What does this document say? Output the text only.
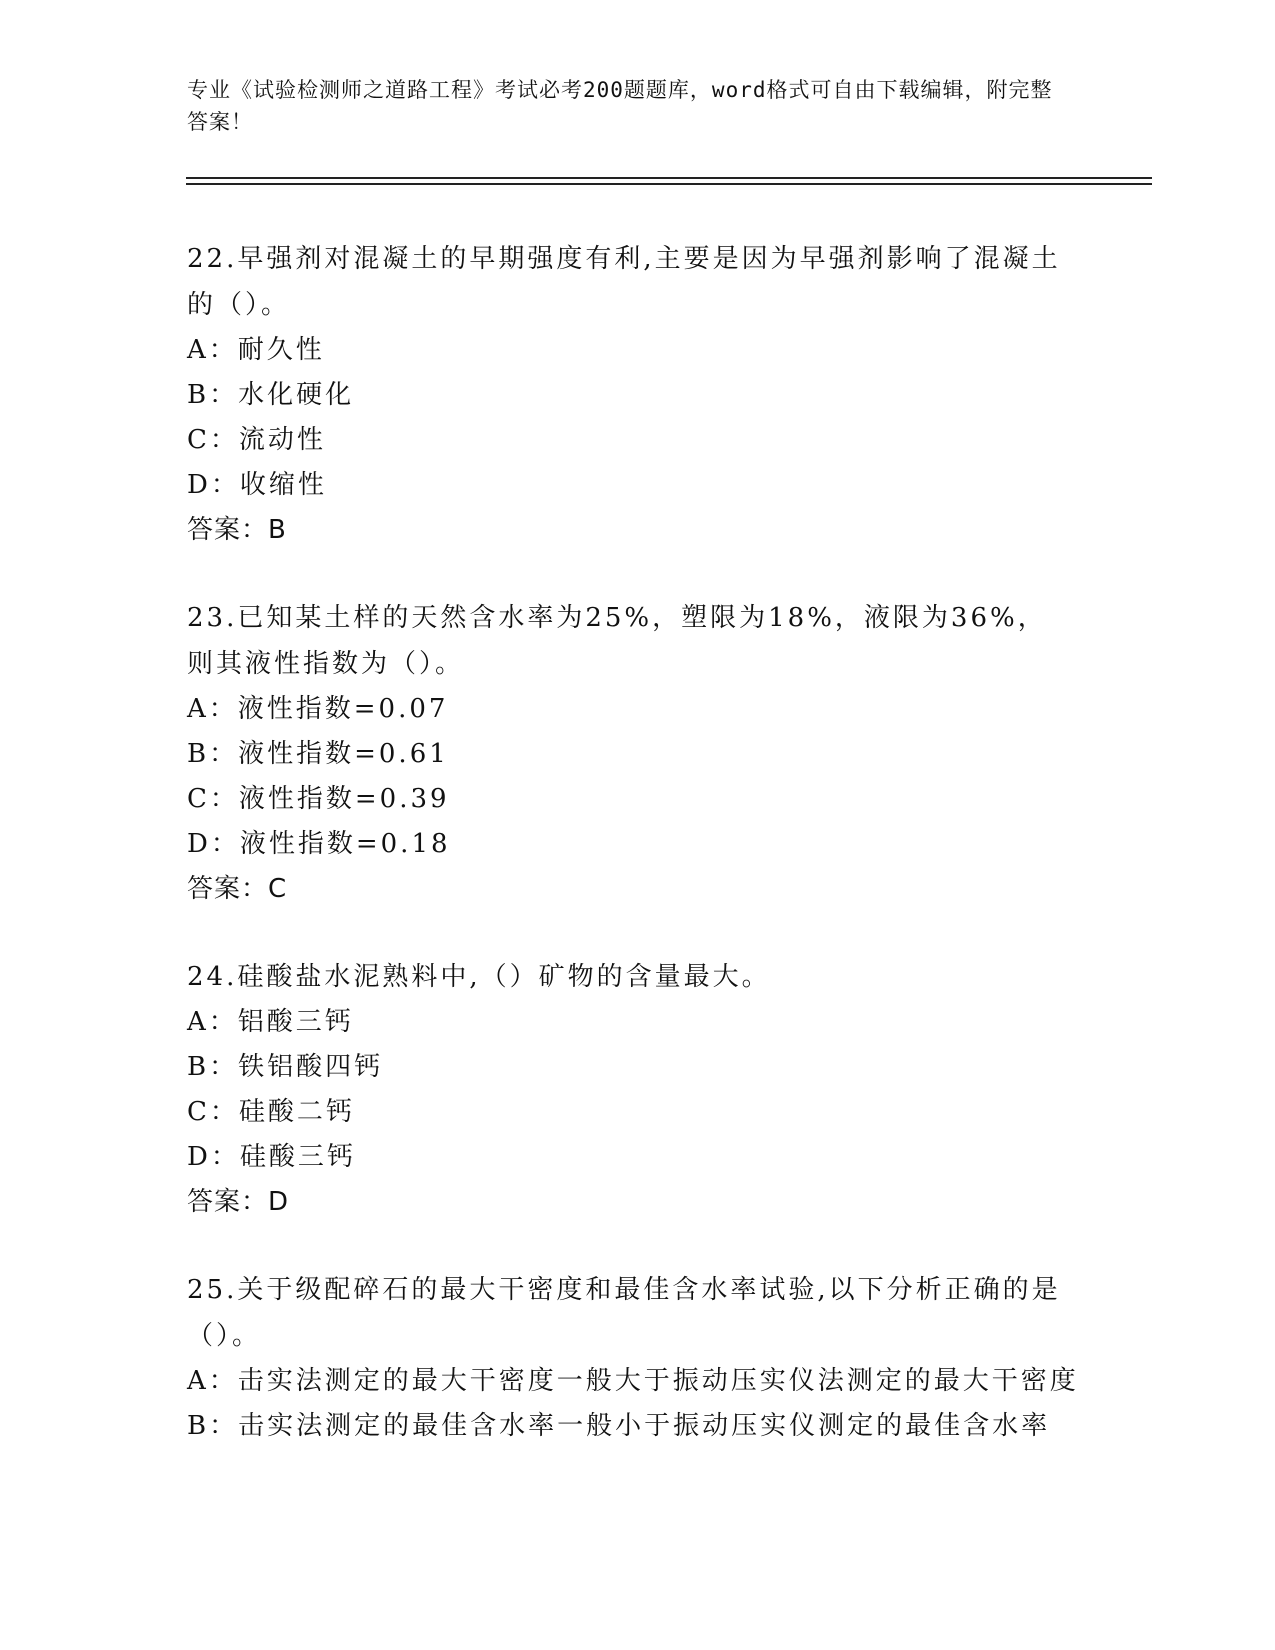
专业《试验检测师之道路工程》考试必考200题题库，word格式可自由下载编辑，附完整答案！
22.早强剂对混凝土的早期强度有利,主要是因为早强剂影响了混凝土的（）。
A：耐久性
B：水化硬化
C：流动性
D：收缩性
答案：B
23.已知某土样的天然含水率为25%，塑限为18%，液限为36%，则其液性指数为（）。
A：液性指数=0.07
B：液性指数=0.61
C：液性指数=0.39
D：液性指数=0.18
答案：C
24.硅酸盐水泥熟料中,（）矿物的含量最大。
A：铝酸三钙
B：铁铝酸四钙
C：硅酸二钙
D：硅酸三钙
答案：D
25.关于级配碎石的最大干密度和最佳含水率试验,以下分析正确的是（）。
A：击实法测定的最大干密度一般大于振动压实仪法测定的最大干密度
B：击实法测定的最佳含水率一般小于振动压实仪测定的最佳含水率
